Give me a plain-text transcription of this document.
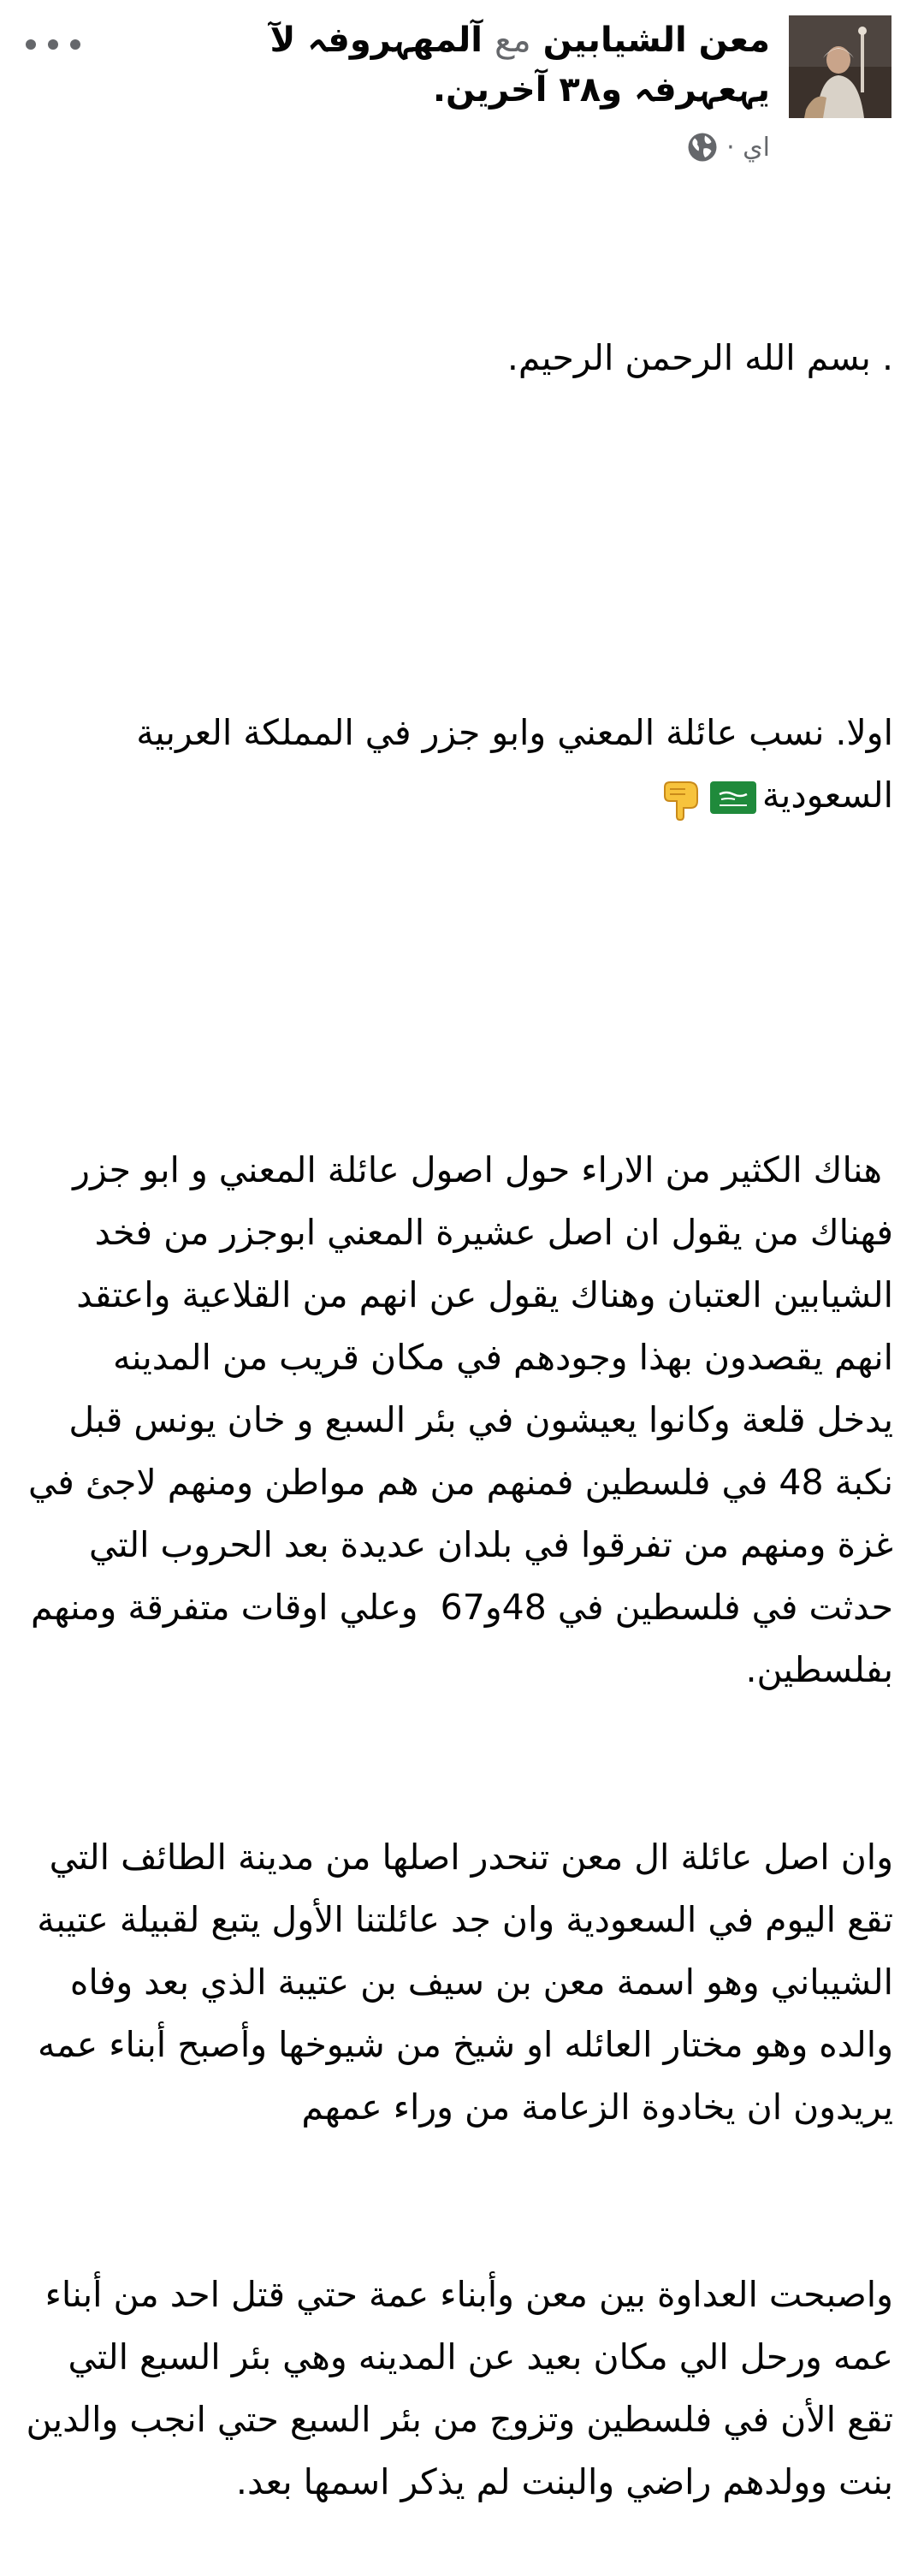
معن الشيابين مع آلمهہروفہ لآ يہعہرفہ و٣٨ آخرين.
اي ·

. بسم الله الرحمن الرحيم.

اولا. نسب عائلة المعني وابو جزر في المملكة العربية السعودية

هناك الكثير من الاراء حول اصول عائلة المعني و ابو جزر فهناك من يقول ان اصل عشيرة المعني ابوجزر من فخد الشيابين العتبان وهناك يقول عن انهم من القلاعية واعتقد انهم يقصدون بهذا وجودهم في مكان قريب من المدينه يدخل قلعة وكانوا يعيشون في بئر السبع و خان يونس قبل نكبة 48 في فلسطين فمنهم من هم مواطن ومنهم لاجئ في غزة ومنهم من تفرقوا في بلدان عديدة بعد الحروب التي حدثت في فلسطين في 48و67  وعلي اوقات متفرقة ومنهم بفلسطين.

وان اصل عائلة ال معن تنحدر اصلها من مدينة الطائف التي تقع اليوم في السعودية وان جد عائلتنا الأول يتبع لقبيلة عتيبة الشيباني وهو اسمة معن بن سيف بن عتيبة الذي بعد وفاه والده وهو مختار العائله او شيخ من شيوخها وأصبح أبناء عمه يريدون ان يخادوة الزعامة من وراء عمهم

واصبحت العداوة بين معن وأبناء عمة حتي قتل احد من أبناء عمه ورحل الي مكان بعيد عن المدينه وهي بئر السبع التي تقع الأن في فلسطين وتزوج من بئر السبع حتي انجب والدين بنت وولدهم راضي والبنت لم يذكر اسمها بعد.
